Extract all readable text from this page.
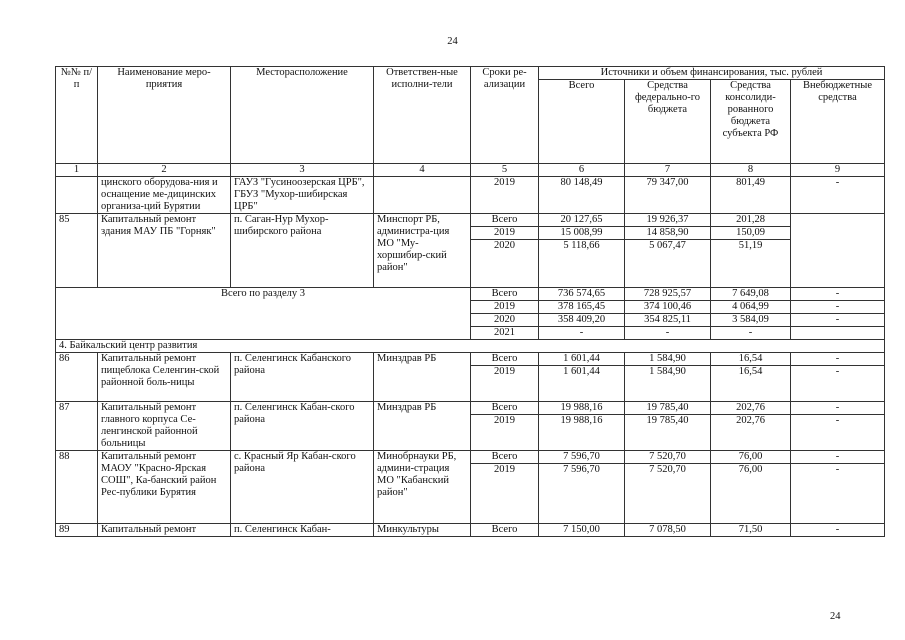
24
№№ п/п	Наименование меро-приятия	Месторасположение	Ответствен-ные исполни-тели	Сроки ре-ализации	Источники и объем финансирования, тыс. рублей			
					Всего	Средства федерально-го бюджета	Средства консолиди-рованного бюджета субъекта РФ	Внебюджетные средства
1	2	3	4	5	6	7	8	9
	цинского оборудова-ния и оснащение ме-дицинских организа-ций Бурятии	ГАУЗ "Гусиноозерская ЦРБ", ГБУЗ "Мухор-шибирская ЦРБ"		2019	80 148,49	79 347,00	801,49	-
85	Капитальный ремонт здания МАУ ПБ "Горняк"	п. Саган-Нур Мухор-шибирского района	Минспорт РБ, администра-ция МО "Му-хоршибир-ский район"	Всего	20 127,65	19 926,37	201,28	
				2019	15 008,99	14 858,90	150,09	
				2020	5 118,66	5 067,47	51,19	
Всего по разделу 3				Всего	736 574,65	728 925,57	7 649,08	-
				2019	378 165,45	374 100,46	4 064,99	-
				2020	358 409,20	354 825,11	3 584,09	-
				2021	-	-	-	
4. Байкальский центр развития								
86	Капитальный ремонт пищеблока Селенгин-ской районной боль-ницы	п. Селенгинск Кабанского района	Минздрав РБ	Всего	1 601,44	1 584,90	16,54	-
				2019	1 601,44	1 584,90	16,54	-
87	Капитальный ремонт главного корпуса Се-ленгинской районной больницы	п. Селенгинск Кабан-ского района	Минздрав РБ	Всего	19 988,16	19 785,40	202,76	-
				2019	19 988,16	19 785,40	202,76	-
88	Капитальный ремонт МАОУ "Красно-Ярская СОШ", Ка-банский район Рес-публики Бурятия	с. Красный Яр Кабан-ского района	Минобрнауки РБ, админи-страция МО "Кабанский район"	Всего	7 596,70	7 520,70	76,00	-
				2019	7 596,70	7 520,70	76,00	-
89	Капитальный ремонт	п. Селенгинск Кабан-	Минкультуры	Всего	7 150,00	7 078,50	71,50	-
24
